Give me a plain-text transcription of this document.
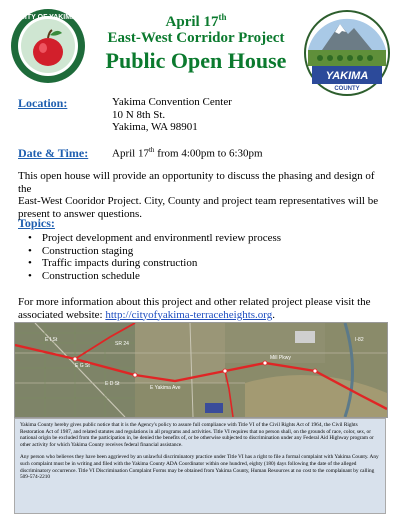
CITY OF YAKIMA
YAKIMA
COUNTY
April 17th
East-West Corridor Project
Public Open House
Location:	Yakima Convention Center
10 N 8th St.
Yakima, WA 98901
Date & Time: April 17th from 4:00pm to 6:30pm
This open house will provide an opportunity to discuss the phasing and design of the
East-West Cooridor Project. City, County and project team representatives will be
present to answer questions.
Topics:
• Project development and environmentl review process
• Construction staging
• Traffic impacts during construction
• Construction schedule
For more information about this project and other related project please visit the
associated website: http://cityofyakima-terraceheights.org.
E I St
E G St
E D St
E Yakima Ave
SR 24
I-82
Mill Pkwy

Yakima County hereby gives public notice that it is the Agency's policy to assure full compliance with Title VI of the Civil Rights Act of 1964, the Civil Rights Restoration Act of 1987, and related statutes and regulations in all programs and activities. Title VI requires that no person shall, on the grounds of race, color, sex, or national origin be excluded from the participation in, be denied the benefits of, or be otherwise subjected to discrimination under any Federal Aid Highway program or other activity for which Yakima County receives federal financial assistance.

Any person who believes they have been aggrieved by an unlawful discriminatory practice under Title VI has a right to file a formal complaint with Yakima County. Any such complaint must be in writing and filed with the Yakima County ADA Coordinator within one hundred, eighty (180) days following the date of the alleged discriminatory occurrence. Title VI Discrimination Complaint Forms may be obtained from Yakima County, Human Resources at no cost to the complainant by calling 509-574-2210
